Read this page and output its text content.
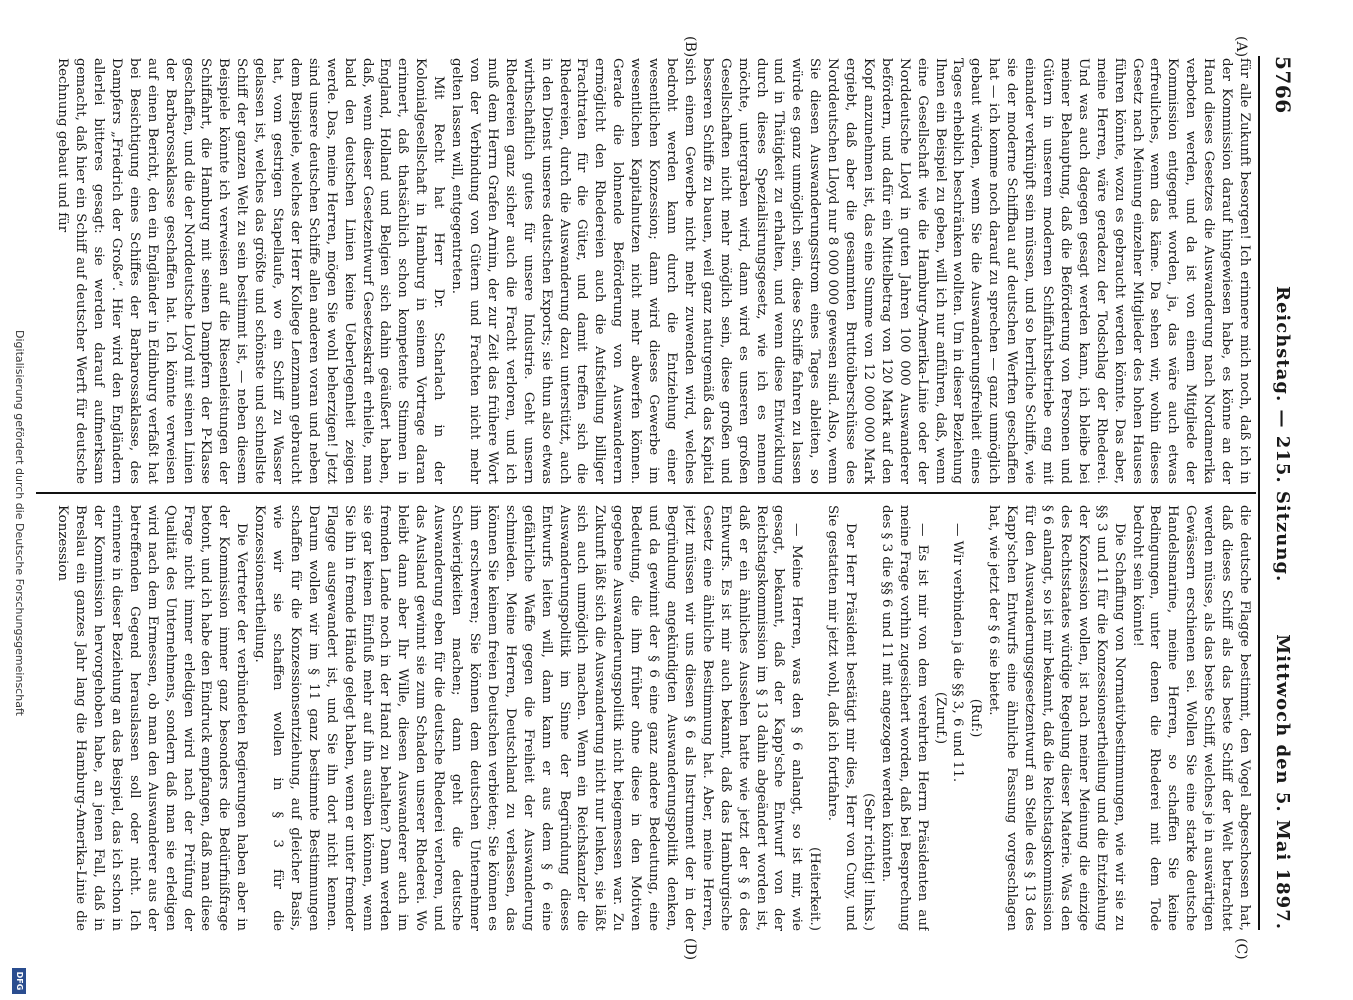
5766
Reichstag. — 215. Sitzung.
Mittwoch den 5. Mai 1897.
(A)
(B)
(C)
(D)

für alle Zukunft besorgen! Ich erinnere mich noch, daß ich in der Kommission darauf hingewiesen habe, es könne an der Hand dieses Gesetzes die Auswanderung nach Nordamerika verboten werden, und da ist von einem Mitgliede der Kommission entgegnet worden, ja, das wäre auch etwas erfreuliches, wenn das käme. Da sehen wir, wohin dieses Gesetz nach Meinung einzelner Mitglieder des hohen Hauses führen könnte, wozu es gebraucht werden könnte. Das aber, meine Herren, wäre geradezu der Todschlag der Rhederei. Und was auch dagegen gesagt werden kann, ich bleibe bei meiner Behauptung, daß die Beförderung von Personen und Gütern in unserem modernen Schiffahrtsbetriebe eng mit einander verknüpft sein müssen, und so herrliche Schiffe, wie sie der moderne Schiffbau auf deutschen Werften geschaffen hat — ich komme noch darauf zu sprechen — ganz unmöglich gebaut würden, wenn Sie die Auswanderungsfreiheit eines Tages erheblich beschränken wollten. Um in dieser Beziehung Ihnen ein Beispiel zu geben, will ich nur anführen, daß, wenn eine Gesellschaft wie die Hamburg-Amerika-Linie oder der Norddeutsche Lloyd in guten Jahren 100 000 Auswanderer befördern, und dafür ein Mittelbetrag von 120 Mark auf den Kopf anzunehmen ist, das eine Summe von 12 000 000 Mark ergiebt, daß aber die gesammten Bruttoüberschüsse des Norddeutschen Lloyd nur 8 000 000 gewesen sind. Also, wenn Sie diesen Auswanderungsstrom eines Tages ableiten, so würde es ganz unmöglich sein, diese Schiffe fahren zu lassen und in Thätigkeit zu erhalten, und wenn diese Entwicklung durch dieses Spezialisirungsgesetz, wie ich es nennen möchte, untergraben wird, dann wird es unseren großen Gesellschaften nicht mehr möglich sein, diese großen und besseren Schiffe zu bauen, weil ganz naturgemäß das Kapital sich einem Gewerbe nicht mehr zuwenden wird, welches bedroht werden kann durch die Entziehung einer wesentlichen Konzession; dann wird dieses Gewerbe im wesentlichen Kapitalnutzen nicht mehr abwerfen können. Gerade die lohnende Beförderung von Auswanderern ermöglicht den Rhedereien auch die Aufstellung billiger Frachtraten für die Güter, und damit treffen sich die Rhedereien, durch die Auswanderung dazu unterstützt, auch in den Dienst unseres deutschen Exports; sie thun also etwas wirthschaftlich gutes für unsere Industrie. Geht unsern Rhedereien ganz sicher auch die Fracht verloren, und ich muß dem Herrn Grafen Arnim, der zur Zeit das frühere Wort von der Verbindung von Gütern und Frachten nicht mehr gelten lassen will, entgegentreten.

Mit Recht hat Herr Dr. Scharlach in der Kolonialgesellschaft in Hamburg in seinem Vortrage daran erinnert, daß thatsächlich schon kompetente Stimmen in England, Holland und Belgien sich dahin geäußert haben, daß, wenn dieser Gesetzentwurf Gesetzeskraft erhielte, man bald den deutschen Linien keine Ueberlegenheit zeigen werde. Das, meine Herren, mögen Sie wohl beherzigen! Jetzt sind unsere deutschen Schiffe allen anderen voran und neben dem Beispiele, welches der Herr Kollege Lenzmann gebraucht hat, vom gestrigen Stapellaufe, wo ein Schiff zu Wasser gelassen ist, welches das größte und schönste und schnellste Schiff der ganzen Welt zu sein bestimmt ist, — neben diesem Beispiele könnte ich verweisen auf die Riesenleistungen der Schiffahrt, die Hamburg mit seinen Dampfern der P-Klasse geschaffen, und die der Norddeutsche Lloyd mit seinen Linien der Barbarossaklasse geschaffen hat. Ich könnte verweisen auf einen Bericht, den ein Engländer in Edinburg verfaßt hat bei Besichtigung eines Schiffes der Barbarossaklasse, des Dampfers „Friedrich der Große“. Hier wird den Engländern allerlei bitteres gesagt: sie werden darauf aufmerksam gemacht, daß hier ein Schiff auf deutscher Werft für deutsche Rechnung gebaut und für

die deutsche Flagge bestimmt, den Vogel abgeschossen hat, daß dieses Schiff als das beste Schiff der Welt betrachtet werden müsse, als das beste Schiff, welches je in auswärtigen Gewässern erschienen sei. Wollen Sie eine starke deutsche Handelsmarine, meine Herren, so schaffen Sie keine Bedingungen, unter denen die Rhederei mit dem Tode bedroht sein könnte!

Die Schaffung von Normativbestimmungen, wie wir sie zu §§ 3 und 11 für die Konzessionsertheilung und die Entziehung der Konzession wollen, ist nach meiner Meinung die einzige des Rechtsstaates würdige Regelung dieser Materie. Was den § 6 anlangt, so ist mir bekannt, daß die Reichstagskommission für den Auswanderungsgesetzentwurf an Stelle des § 13 des Kapp'schen Entwurfs eine ähnliche Fassung vorgeschlagen hat, wie jetzt der § 6 sie bietet.

(Ruf:)

— Wir verbinden ja die §§ 3, 6 und 11.

(Zuruf.)

— Es ist mir von dem verehrten Herrn Präsidenten auf meine Frage vorhin zugesichert worden, daß bei Besprechung des § 3 die §§ 6 und 11 mit angezogen werden könnten.

(Sehr richtig! links.)

Der Herr Präsident bestätigt mir dies, Herr von Cuny, und Sie gestatten mir jetzt wohl, daß ich fortfahre.

(Heiterkeit.)

— Meine Herren, was den § 6 anlangt, so ist mir, wie gesagt, bekannt, daß der Kapp'sche Entwurf von der Reichstagskommission im § 13 dahin abgeändert worden ist, daß er ein ähnliches Aussehen hatte wie jetzt der § 6 des Entwurfs. Es ist mir auch bekannt, daß das Hamburgische Gesetz eine ähnliche Bestimmung hat. Aber, meine Herren, jetzt müssen wir uns diesen § 6 als Instrument der in der Begründung angekündigten Auswanderungspolitik denken, und da gewinnt der § 6 eine ganz andere Bedeutung, eine Bedeutung, die ihm früher ohne diese in den Motiven gegebene Auswanderungspolitik nicht beigemessen war. Zu Zukunft läßt sich die Auswanderung nicht nur lenken, sie läßt sich auch unmöglich machen. Wenn ein Reichskanzler die Auswanderungspolitik im Sinne der Begründung dieses Entwurfs leiten will, dann kann er aus dem § 6 eine gefährliche Waffe gegen die Freiheit der Auswanderung schmieden. Meine Herren, Deutschland zu verlassen, das können Sie keinem freien Deutschen verbieten; Sie können es ihm erschweren; Sie können dem deutschen Unternehmer Schwierigkeiten machen; dann geht die deutsche Auswanderung eben für die deutsche Rhederei verloren, und das Ausland gewinnt sie zum Schaden unserer Rhederei. Wo bleibt dann aber Ihr Wille, diesen Auswanderer auch im fremden Lande noch in der Hand zu behalten? Dann werden sie gar keinen Einfluß mehr auf ihn ausüben können, wenn Sie ihn in fremde Hände gelegt haben, wenn er unter fremder Flagge ausgewandert ist, und Sie ihn dort nicht kennen. Darum wollen wir im § 11 ganz bestimmte Bestimmungen schaffen für die Konzessionsentziehung, auf gleicher Basis, wie wir sie schaffen wollen in § 3 für die Konzessionsertheilung.

Die Vertreter der verbündeten Regierungen haben aber in der Kommission immer ganz besonders die Bedürfnißfrage betont, und ich habe den Eindruck empfangen, daß man diese Frage nicht immer erledigen wird nach der Prüfung der Qualität des Unternehmens, sondern daß man sie erledigen wird nach dem Ermessen, ob man den Auswanderer aus der betreffenden Gegend herauslassen soll oder nicht. Ich erinnere in dieser Beziehung an das Beispiel, das ich schon in der Kommission hervorgehoben habe, an jenen Fall, daß in Breslau ein ganzes Jahr lang die Hamburg-Amerika-Linie die Konzession

Digitalisierung gefördert durch die Deutsche Forschungsgemeinschaft
DFG
